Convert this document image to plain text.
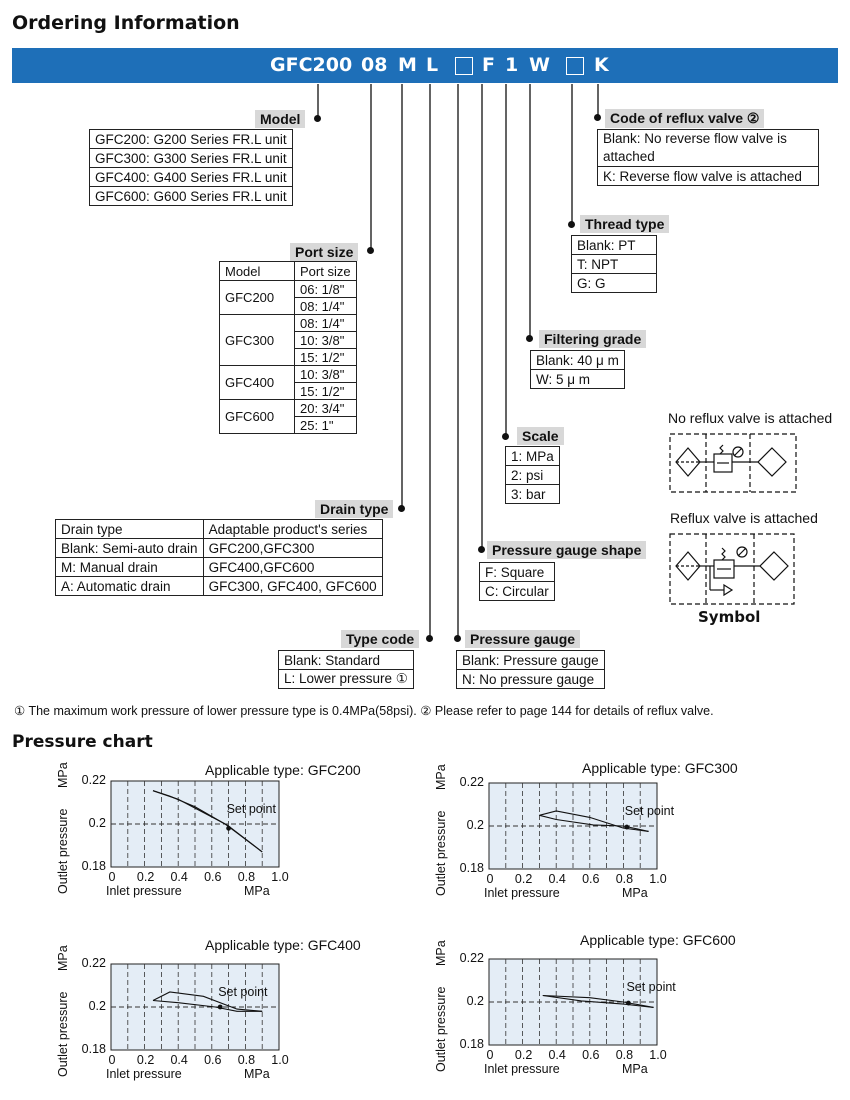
Ordering Information
GFC200 08 M L F 1 W K
Model
GFC200: G200 Series FR.L unit
GFC300: G300 Series FR.L unit
GFC400: G400 Series FR.L unit
GFC600: G600 Series FR.L unit
Port size
Model	Port size
GFC200	06: 1/8"
	08: 1/4"
GFC300	08: 1/4"
	10: 3/8"
	15: 1/2"
GFC400	10: 3/8"
	15: 1/2"
GFC600	20: 3/4"
	25: 1"
Drain type
Drain type	Adaptable product's series
Blank: Semi-auto drain	GFC200,GFC300
M: Manual drain	GFC400,GFC600
A: Automatic drain	GFC300, GFC400, GFC600
Type code
Blank: Standard
L: Lower pressure ①
Pressure gauge
Blank: Pressure gauge
N: No pressure gauge
Pressure gauge shape
F: Square
C: Circular
Scale
1: MPa
2: psi
3: bar
Filtering grade
Blank: 40 μ m
W: 5 μ m
Thread type
Blank: PT
T: NPT
G: G
Code of reflux valve ②
Blank: No reverse flow valve is attached
K: Reverse flow valve is attached
No reflux valve is attached
Reflux valve is attached
Symbol
① The maximum work pressure of lower pressure type is 0.4MPa(58psi). ② Please refer to page 144 for details of reflux valve.
Pressure chart
Applicable type: GFC200
Set point
0.22
0.2
0.18
0	0.2 0.4 0.6 0.8 1.0
Inlet pressure	MPa
Outlet pressure
MPa	Applicable type: GFC300
Set point
0.22
0.2
0.18
0	0.2 0.4 0.6 0.8 1.0
Inlet pressure	MPa
Outlet pressure
MPa
Applicable type: GFC400
Set point
0.22
0.2
0.18
0	0.2 0.4 0.6 0.8 1.0
Inlet pressure	MPa
Outlet pressure
MPa
Applicable type: GFC600
Set point
0.22
0.2
0.18
0	0.2 0.4 0.6 0.8 1.0
Inlet pressure	MPa
Outlet pressure
MPa
